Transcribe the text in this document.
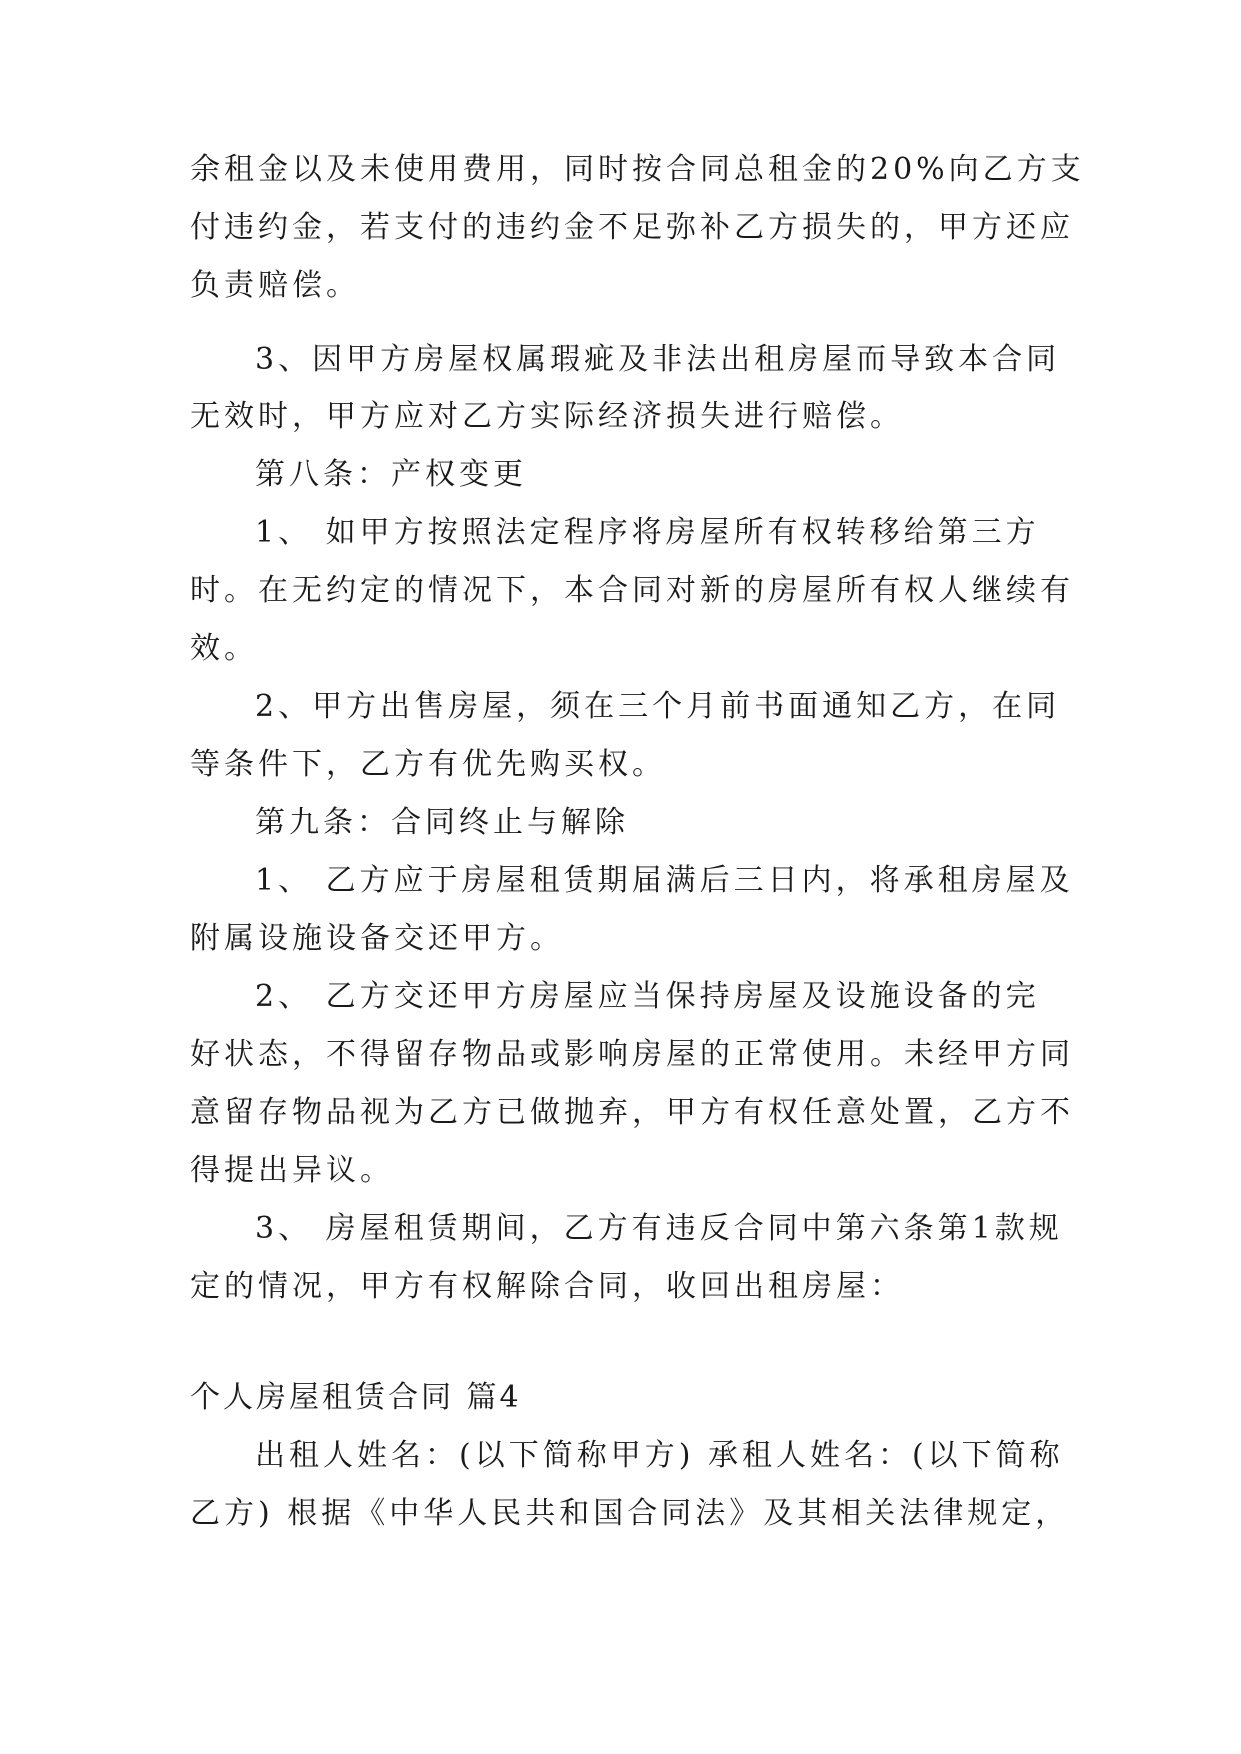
余租金以及未使用费用，同时按合同总租金的20%向乙方支
付违约金，若支付的违约金不足弥补乙方损失的，甲方还应
负责赔偿。
3、因甲方房屋权属瑕疵及非法出租房屋而导致本合同
无效时，甲方应对乙方实际经济损失进行赔偿。
第八条：产权变更
1、 如甲方按照法定程序将房屋所有权转移给第三方
时。在无约定的情况下，本合同对新的房屋所有权人继续有
效。
2、甲方出售房屋，须在三个月前书面通知乙方，在同
等条件下，乙方有优先购买权。
第九条：合同终止与解除
1、 乙方应于房屋租赁期届满后三日内，将承租房屋及
附属设施设备交还甲方。
2、 乙方交还甲方房屋应当保持房屋及设施设备的完
好状态，不得留存物品或影响房屋的正常使用。未经甲方同
意留存物品视为乙方已做抛弃，甲方有权任意处置，乙方不
得提出异议。
3、 房屋租赁期间，乙方有违反合同中第六条第1款规
定的情况，甲方有权解除合同，收回出租房屋：
个人房屋租赁合同 篇4
出租人姓名：(以下简称甲方) 承租人姓名：(以下简称
乙方) 根据《中华人民共和国合同法》及其相关法律规定，
